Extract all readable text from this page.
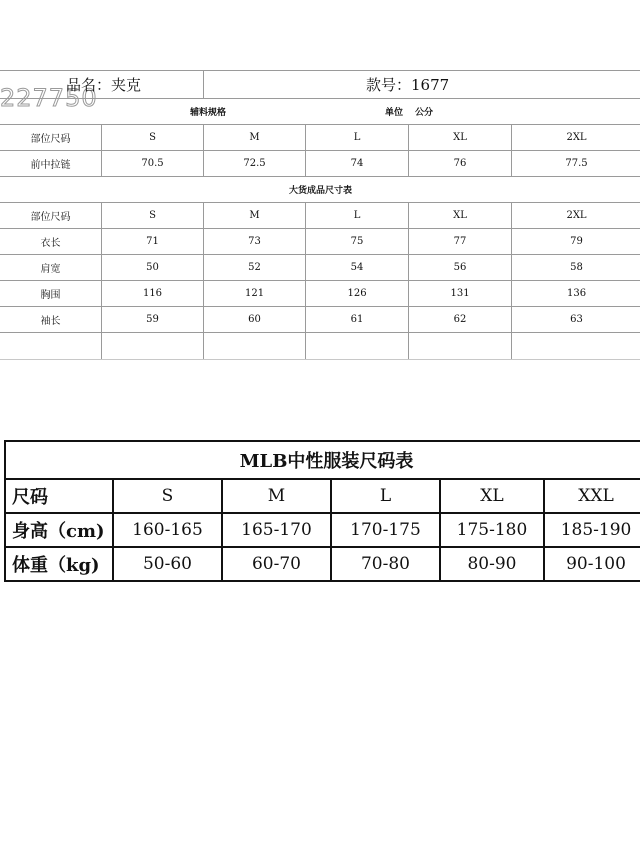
227750
品名：夹克		款号：1677			

辅料规格 单位 公分					

部位尺码	S	M	L	XL	2XL
前中拉链	70.5	72.5	74	76	77.5
大货成品尺寸表					
部位尺码	S	M	L	XL	2XL
衣长	71	73	75	77	79
肩宽	50	52	54	56	58
胸围	116	121	126	131	136
袖长	59	60	61	62	63

MLB中性服装尺码表					
尺码	S	M	L	XL	XXL
身高（cm)	160-165	165-170	170-175	175-180	185-190
体重（kg)	50-60	60-70	70-80	80-90	90-100
